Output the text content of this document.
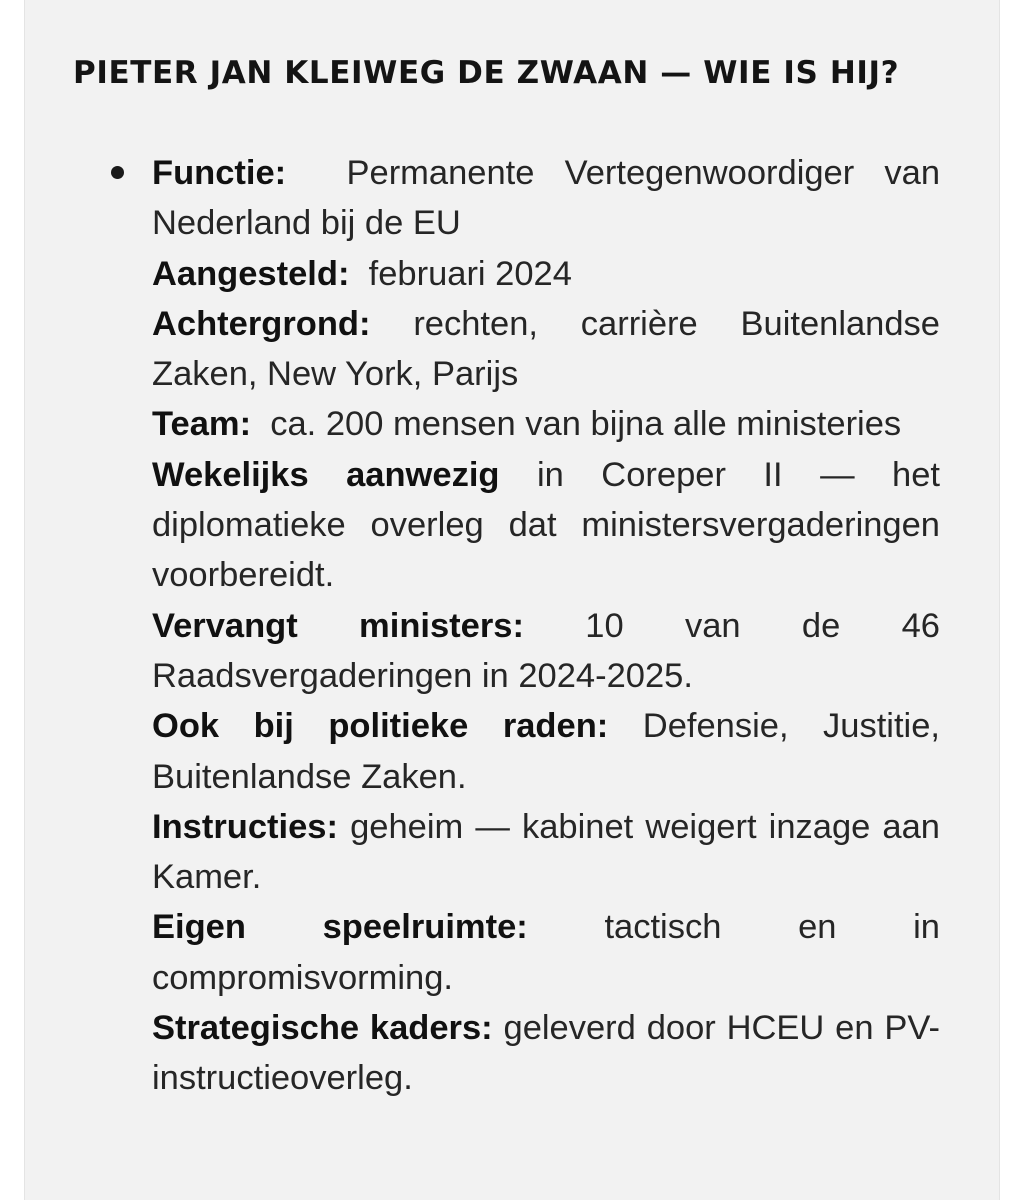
PIETER JAN KLEIWEG DE ZWAAN — WIE IS HIJ?

Functie: Permanente Vertegenwoordiger van Nederland bij de EU

Aangesteld: februari 2024

Achtergrond: rechten, carrière Buitenlandse Zaken, New York, Parijs

Team: ca. 200 mensen van bijna alle ministeries

Wekelijks aanwezig in Coreper II — het diplomatieke overleg dat ministersvergaderingen voorbereidt.

Vervangt ministers: 10 van de 46 Raadsvergaderingen in 2024-2025.

Ook bij politieke raden: Defensie, Justitie, Buitenlandse Zaken.

Instructies: geheim — kabinet weigert inzage aan Kamer.

Eigen speelruimte: tactisch en in compromisvorming.

Strategische kaders: geleverd door HCEU en PV-instructieoverleg.
